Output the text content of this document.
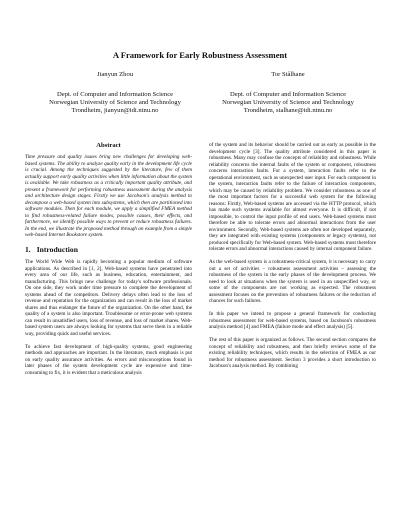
A Framework for Early Robustness Assessment
Jianyun Zhou
Dept. of Computer and Information Science
Norwegian University of Science and Technology
Trondheim, jianyun@idi.ntnu.no
Tor Stålhane
Dept. of Computer and Information Science
Norwegian University of Science and Technology
Trondheim, stalhane@idi.ntnu.no
Abstract

Time pressure and quality issues bring new challenges for developing web-based systems. The ability to analyze quality early in the development life cycle is crucial. Among the techniques suggested by the literature, few of them actually support early quality activities when little information about the system is available. We take robustness as a critically important quality attribute, and present a framework for performing robustness assessment during the analysis and architecture design stages. Firstly we use Jacobson's analysis method to decompose a web-based system into subsystems, which then are partitioned into software modules. Then for each module, we apply a simplified FMEA method to find robustness-related failure modes, possible causes, their effects, and furthermore, we identify possible ways to prevent or reduce robustness failures. In the end, we illustrate the proposed method through an example from a simple web-based Internet Bookstore system.

1. Introduction

The World Wide Web is rapidly becoming a popular medium of software applications. As described in [1, 2], Web-based systems have penetrated into every area of our life, such as business, education, entertainment, and manufacturing. This brings new challenge for today's software professionals. On one side, they work under time pressure to complete the development of systems ahead of the competitors. Delivery delays often lead to the loss of revenue and reputation for the organization and can result in the loss of market shares and thus endanger the future of the organization. On the other hand, the quality of a system is also important. Troublesome or error-prone web systems can result in unsatisfied users, loss of revenue, and loss of market shares. Web-based system users are always looking for systems that serve them in a reliable way, providing quick and useful services.

To achieve fast development of high-quality systems, good engineering methods and approaches are important. In the literature, much emphasis is put on early quality assurance activities. As errors and misconceptions found in later phases of the system development cycle are expensive and time-consuming to fix, it is evident that a meticulous analysis

of the system and its behavior should be carried out as early as possible in the development cycle [3]. The quality attribute considered in this paper is robustness. Many may confuse the concepts of reliability and robustness. While reliability concerns the internal faults of the system or component, robustness concerns interaction faults. For a system, interaction faults refer to the operational environment, such as unexpected user input. For each component in the system, interaction faults refer to the failure of interaction components, which may be caused by reliability problem. We consider robustness as one of the most important factors for a successful web system for the following reasons: Firstly, Web-based systems are accessed via the HTTP protocol, which has made such systems available for almost everyone. It is difficult, if not impossible, to control the input profile of end users. Web-based systems must therefore be able to tolerate errors and abnormal interactions from the user environment. Secondly, Web-based systems are often not developed separately, they are integrated with existing systems (components or legacy systems), not produced specifically for Web-based system. Web-based systems must therefore tolerate errors and abnormal interactions caused by internal component failure.

As the web-based system is a robustness-critical system, it is necessary to carry out a set of activities – robustness assessment activities – assessing the robustness of the system in the early phases of the development process. We need to look at situations when the system is used in an unspecified way, or some of the components are not working as expected. The robustness assessment focuses on the prevention of robustness failures or the reduction of chances for such failures.

In this paper we intend to propose a general framework for conducting robustness assessment for web-based systems, based on Jacobson's robustness analysis method [4] and FMEA (failure mode and effect analysis) [5].

The rest of this paper is organized as follows. The second section compares the concept of reliability and robustness, and then briefly reviews some of the existing reliability techniques, which results in the selection of FMEA as our method for robustness assessment. Section 3 provides a short introduction to Jacobson's analysis method. By combining
